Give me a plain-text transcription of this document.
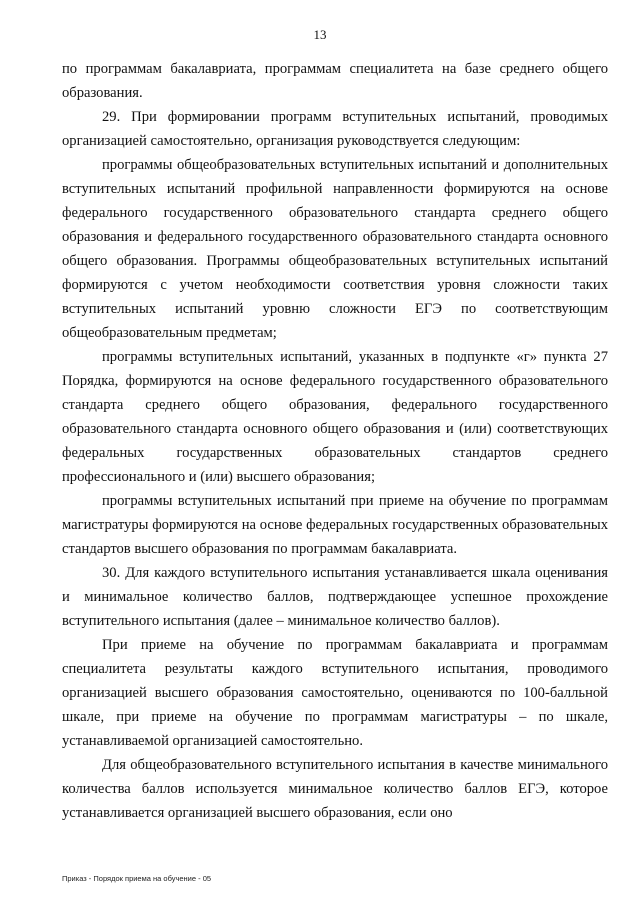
13

по программам бакалавриата, программам специалитета на базе среднего общего образования.

29. При формировании программ вступительных испытаний, проводимых организацией самостоятельно, организация руководствуется следующим:

программы общеобразовательных вступительных испытаний и дополнительных вступительных испытаний профильной направленности формируются на основе федерального государственного образовательного стандарта среднего общего образования и федерального государственного образовательного стандарта основного общего образования. Программы общеобразовательных вступительных испытаний формируются с учетом необходимости соответствия уровня сложности таких вступительных испытаний уровню сложности ЕГЭ по соответствующим общеобразовательным предметам;

программы вступительных испытаний, указанных в подпункте «г» пункта 27 Порядка, формируются на основе федерального государственного образовательного стандарта среднего общего образования, федерального государственного образовательного стандарта основного общего образования и (или) соответствующих федеральных государственных образовательных стандартов среднего профессионального и (или) высшего образования;

программы вступительных испытаний при приеме на обучение по программам магистратуры формируются на основе федеральных государственных образовательных стандартов высшего образования по программам бакалавриата.

30. Для каждого вступительного испытания устанавливается шкала оценивания и минимальное количество баллов, подтверждающее успешное прохождение вступительного испытания (далее – минимальное количество баллов).

При приеме на обучение по программам бакалавриата и программам специалитета результаты каждого вступительного испытания, проводимого организацией высшего образования самостоятельно, оцениваются по 100-балльной шкале, при приеме на обучение по программам магистратуры – по шкале, устанавливаемой организацией самостоятельно.

Для общеобразовательного вступительного испытания в качестве минимального количества баллов используется минимальное количество баллов ЕГЭ, которое устанавливается организацией высшего образования, если оно

Приказ - Порядок приема на обучение - 05
